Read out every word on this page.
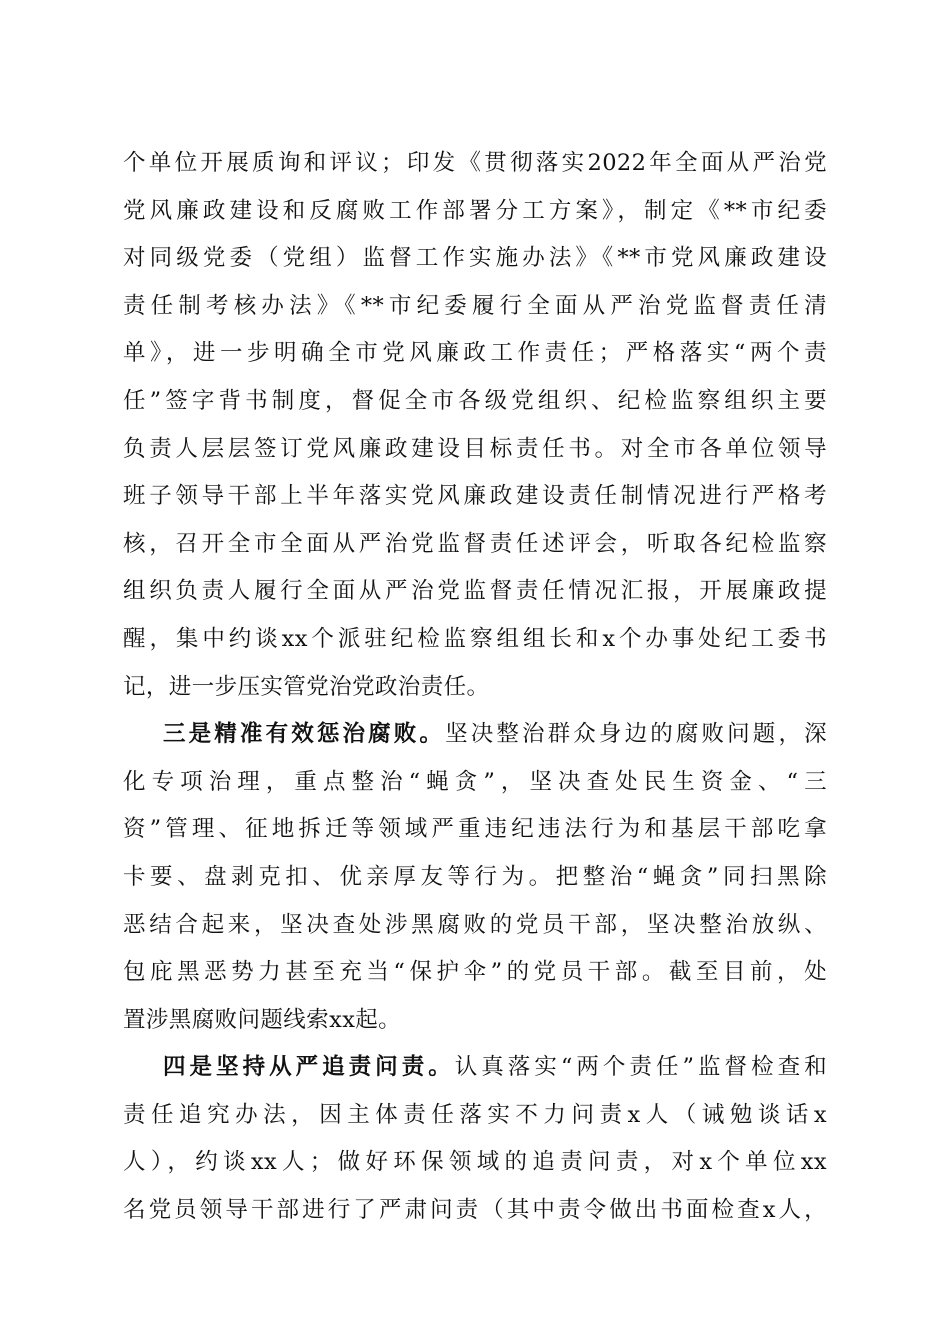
个单位开展质询和评议；印发《贯彻落实2022年全面从严治党
党风廉政建设和反腐败工作部署分工方案》，制定《**市纪委
对同级党委（党组）监督工作实施办法》《**市党风廉政建设
责任制考核办法》《**市纪委履行全面从严治党监督责任清
单》，进一步明确全市党风廉政工作责任；严格落实“两个责
任”签字背书制度，督促全市各级党组织、纪检监察组织主要
负责人层层签订党风廉政建设目标责任书。对全市各单位领导
班子领导干部上半年落实党风廉政建设责任制情况进行严格考
核，召开全市全面从严治党监督责任述评会，听取各纪检监察
组织负责人履行全面从严治党监督责任情况汇报，开展廉政提
醒，集中约谈xx个派驻纪检监察组组长和x个办事处纪工委书
记，进一步压实管党治党政治责任。
三是精准有效惩治腐败。坚决整治群众身边的腐败问题，深
化专项治理，重点整治“蝇贪”，坚决查处民生资金、“三
资”管理、征地拆迁等领域严重违纪违法行为和基层干部吃拿
卡要、盘剥克扣、优亲厚友等行为。把整治“蝇贪”同扫黑除
恶结合起来，坚决查处涉黑腐败的党员干部，坚决整治放纵、
包庇黑恶势力甚至充当“保护伞”的党员干部。截至目前，处
置涉黑腐败问题线索xx起。
四是坚持从严追责问责。认真落实“两个责任”监督检查和
责任追究办法，因主体责任落实不力问责x人（诫勉谈话x
人），约谈xx人；做好环保领域的追责问责，对x个单位xx
名党员领导干部进行了严肃问责（其中责令做出书面检查x人，
